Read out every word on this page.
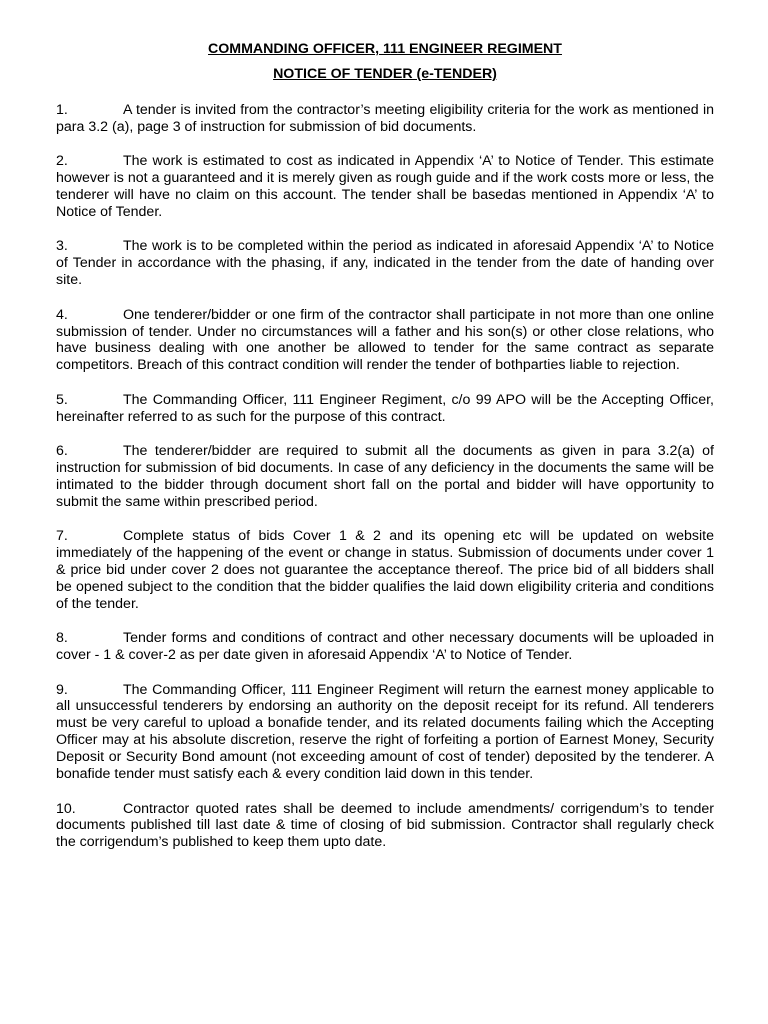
COMMANDING OFFICER, 111 ENGINEER REGIMENT

NOTICE OF TENDER (e-TENDER)

1.	A tender is invited from the contractor’s meeting eligibility criteria for the work as mentioned in para 3.2 (a), page 3 of instruction for submission of bid documents.

2.	The work is estimated to cost as indicated in Appendix ‘A’ to Notice of Tender. This estimate however is not a guaranteed and it is merely given as rough guide and if the work costs more or less, the tenderer will have no claim on this account. The tender shall be basedas mentioned in Appendix ‘A’ to Notice of Tender.

3.	The work is to be completed within the period as indicated in aforesaid Appendix ‘A’ to Notice of Tender in accordance with the phasing, if any, indicated in the tender from the date of handing over site.

4.	One tenderer/bidder or one firm of the contractor shall participate in not more than one online submission of tender. Under no circumstances will a father and his son(s) or other close relations, who have business dealing with one another be allowed to tender for the same contract as separate competitors. Breach of this contract condition will render the tender of bothparties liable to rejection.

5.	The Commanding Officer, 111 Engineer Regiment, c/o 99 APO will be the Accepting Officer, hereinafter referred to as such for the purpose of this contract.

6.	The tenderer/bidder are required to submit all the documents as given in para 3.2(a) of instruction for submission of bid documents. In case of any deficiency in the documents the same will be intimated to the bidder through document short fall on the portal and bidder will have opportunity to submit the same within prescribed period.

7.	Complete status of bids Cover 1 & 2 and its opening etc will be updated on website immediately of the happening of the event or change in status. Submission of documents under cover 1 & price bid under cover 2 does not guarantee the acceptance thereof. The price bid of all bidders shall be opened subject to the condition that the bidder qualifies the laid down eligibility criteria and conditions of the tender.

8.	Tender forms and conditions of contract and other necessary documents will be uploaded in cover - 1 & cover-2 as per date given in aforesaid Appendix ‘A’ to Notice of Tender.

9.	The Commanding Officer, 111 Engineer Regiment will return the earnest money applicable to all unsuccessful tenderers by endorsing an authority on the deposit receipt for its refund. All tenderers must be very careful to upload a bonafide tender, and its related documents failing which the Accepting Officer may at his absolute discretion, reserve the right of forfeiting a portion of Earnest Money, Security Deposit or Security Bond amount (not exceeding amount of cost of tender) deposited by the tenderer. A bonafide tender must satisfy each & every condition laid down in this tender.

10.	Contractor quoted rates shall be deemed to include amendments/ corrigendum’s to tender documents published till last date & time of closing of bid submission. Contractor shall regularly check the corrigendum’s published to keep them upto date.
